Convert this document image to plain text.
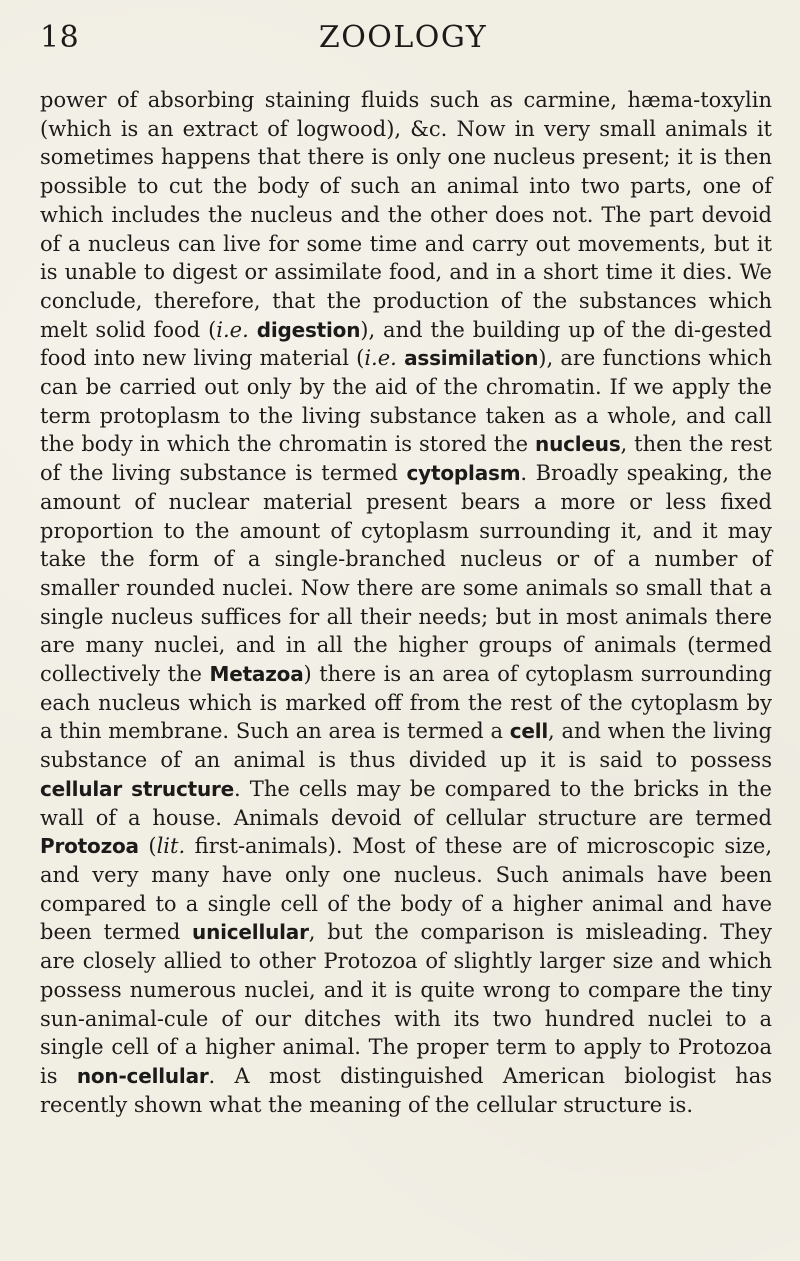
18	ZOOLOGY

power of absorbing staining fluids such as carmine, hæma-toxylin (which is an extract of logwood), &c. Now in very small animals it sometimes happens that there is only one nucleus present; it is then possible to cut the body of such an animal into two parts, one of which includes the nucleus and the other does not. The part devoid of a nucleus can live for some time and carry out movements, but it is unable to digest or assimilate food, and in a short time it dies. We conclude, therefore, that the production of the substances which melt solid food (i.e. digestion), and the building up of the di-gested food into new living material (i.e. assimilation), are functions which can be carried out only by the aid of the chromatin. If we apply the term protoplasm to the living substance taken as a whole, and call the body in which the chromatin is stored the nucleus, then the rest of the living substance is termed cytoplasm. Broadly speaking, the amount of nuclear material present bears a more or less fixed proportion to the amount of cytoplasm surrounding it, and it may take the form of a single-branched nucleus or of a number of smaller rounded nuclei. Now there are some animals so small that a single nucleus suffices for all their needs; but in most animals there are many nuclei, and in all the higher groups of animals (termed collectively the Metazoa) there is an area of cytoplasm surrounding each nucleus which is marked off from the rest of the cytoplasm by a thin membrane. Such an area is termed a cell, and when the living substance of an animal is thus divided up it is said to possess cellular structure. The cells may be compared to the bricks in the wall of a house. Animals devoid of cellular structure are termed Protozoa (lit. first-animals). Most of these are of microscopic size, and very many have only one nucleus. Such animals have been compared to a single cell of the body of a higher animal and have been termed unicellular, but the comparison is misleading. They are closely allied to other Protozoa of slightly larger size and which possess numerous nuclei, and it is quite wrong to compare the tiny sun-animal-cule of our ditches with its two hundred nuclei to a single cell of a higher animal. The proper term to apply to Protozoa is non-cellular. A most distinguished American biologist has recently shown what the meaning of the cellular structure is.
